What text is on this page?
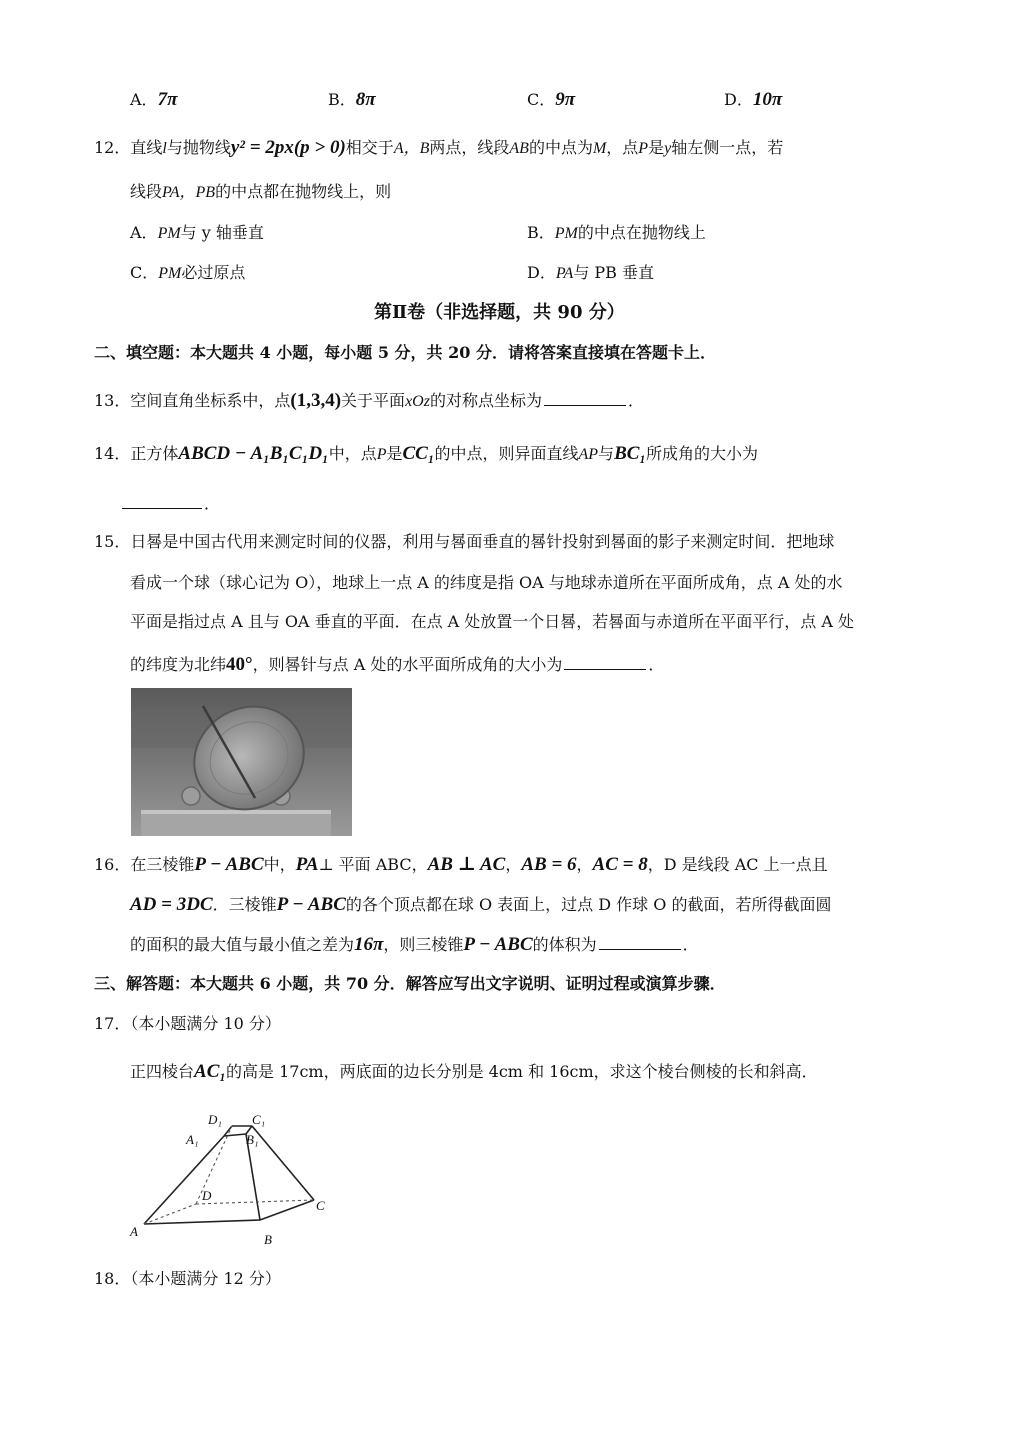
A．7π	B．8π	C．9π	D．10π
12．直线l与抛物线y² = 2px(p > 0)相交于A，B两点，线段AB的中点为M，点P是y轴左侧一点，若
线段PA，PB的中点都在抛物线上，则
A．PM与 y 轴垂直	B．PM的中点在抛物线上
C．PM必过原点	D．PA与 PB 垂直
第Ⅱ卷（非选择题，共 90 分）
二、填空题：本大题共 4 小题，每小题 5 分，共 20 分．请将答案直接填在答题卡上．
13．空间直角坐标系中，点(1,3,4)关于平面xOz的对称点坐标为	．
14．正方体ABCD − A₁B₁C₁D₁中，点P是CC₁的中点，则异面直线AP与BC₁所成角的大小为
．
15．日晷是中国古代用来测定时间的仪器，利用与晷面垂直的晷针投射到晷面的影子来测定时间．把地球
看成一个球（球心记为 O），地球上一点 A 的纬度是指 OA 与地球赤道所在平面所成角，点 A 处的水
平面是指过点 A 且与 OA 垂直的平面．在点 A 处放置一个日晷，若晷面与赤道所在平面平行，点 A 处
的纬度为北纬40°，则晷针与点 A 处的水平面所成角的大小为	．
16．在三棱锥P − ABC中，PA⊥ 平面 ABC，AB ⊥ AC，AB = 6，AC = 8，D 是线段 AC 上一点且
AD = 3DC．三棱锥P − ABC的各个顶点都在球 O 表面上，过点 D 作球 O 的截面，若所得截面圆
的面积的最大值与最小值之差为16π，则三棱锥P − ABC的体积为	．
三、解答题：本大题共 6 小题，共 70 分．解答应写出文字说明、证明过程或演算步骤．
17．（本小题满分 10 分）
正四棱台AC₁的高是 17cm，两底面的边长分别是 4cm 和 16cm，求这个棱台侧棱的长和斜高．
D₁ C₁
A₁	B₁
D
C
A
B
18．（本小题满分 12 分）
